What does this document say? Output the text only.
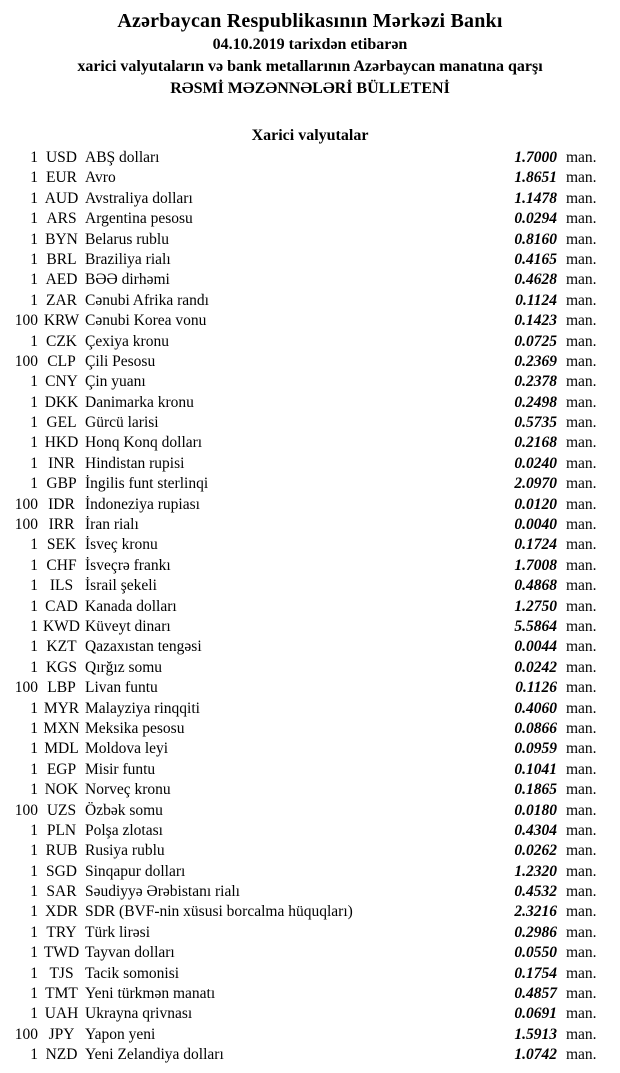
Azərbaycan Respublikasının Mərkəzi Bankı
04.10.2019 tarixdən etibarən
xarici valyutaların və bank metallarının Azərbaycan manatına qarşı
RƏSMİ MƏZƏNNƏLƏRİ BÜLLETENİ
Xarici valyutalar
1 USD ABŞ dolları	1.7000 man.
1 EUR Avro	1.8651 man.
1 AUD Avstraliya dolları	1.1478 man.
1 ARS Argentina pesosu	0.0294 man.
1 BYN Belarus rublu	0.8160 man.
1 BRL Braziliya rialı	0.4165 man.
1 AED BƏƏ dirhəmi	0.4628 man.
1 ZAR Cənubi Afrika randı	0.1124 man.
100 KRW Cənubi Korea vonu	0.1423 man.
1 CZK Çexiya kronu	0.0725 man.
100 CLP Çili Pesosu	0.2369 man.
1 CNY Çin yuanı	0.2378 man.
1 DKK Danimarka kronu	0.2498 man.
1 GEL Gürcü larisi	0.5735 man.
1 HKD Honq Konq dolları	0.2168 man.
1 INR Hindistan rupisi	0.0240 man.
1 GBP İngilis funt sterlinqi	2.0970 man.
100 IDR İndoneziya rupiası	0.0120 man.
100 IRR İran rialı	0.0040 man.
1 SEK İsveç kronu	0.1724 man.
1 CHF İsveçrə frankı	1.7008 man.
1 ILS İsrail şekeli	0.4868 man.
1 CAD Kanada dolları	1.2750 man.
1 KWD Küveyt dinarı	5.5864 man.
1 KZT Qazaxıstan tengəsi	0.0044 man.
1 KGS Qırğız somu	0.0242 man.
100 LBP Livan funtu	0.1126 man.
1 MYR Malayziya rinqqiti	0.4060 man.
1 MXN Meksika pesosu	0.0866 man.
1 MDL Moldova leyi	0.0959 man.
1 EGP Misir funtu	0.1041 man.
1 NOK Norveç kronu	0.1865 man.
100 UZS Özbək somu	0.0180 man.
1 PLN Polşa zlotası	0.4304 man.
1 RUB Rusiya rublu	0.0262 man.
1 SGD Sinqapur dolları	1.2320 man.
1 SAR Səudiyyə Ərəbistanı rialı	0.4532 man.
1 XDR SDR (BVF-nin xüsusi borcalma hüquqları)	2.3216 man.
1 TRY Türk lirəsi	0.2986 man.
1 TWD Tayvan dolları	0.0550 man.
1 TJS Tacik somonisi	0.1754 man.
1 TMT Yeni türkmən manatı	0.4857 man.
1 UAH Ukrayna qrivnası	0.0691 man.
100 JPY Yapon yeni	1.5913 man.
1 NZD Yeni Zelandiya dolları	1.0742 man.
